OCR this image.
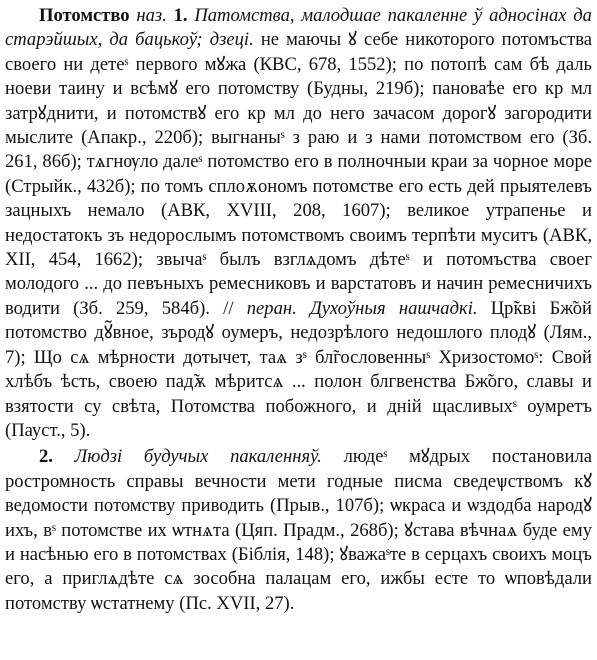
Потомство наз. 1. Патомства, малодшае пакаленне ў адносінах да старэйшых, да бацькоў; дзеці. не маючы ꙋ себе никоторого потомъства своего ни детеˢ первого мꙋжа (КВС, 678, 1552); по потопѣ сам бѣ даль ноеви таину и всѣмꙋ его потомству (Будны, 219б); пановаѣе его кр мл затрꙋднити, и потомствꙋ его кр мл до него зачасом дорогꙋ загородити мыслите (Апакр., 220б); выгнаныˢ з раю и з нами потомством его (Зб. 261, 86б); тѧгнѹло далеˢ потомство его в полночныи краи за чорное море (Стрыйк., 432б); по томъ сплоѫономъ потомстве его есть дей прыятелевъ зацныхъ немало (АВК, XVIII, 208, 1607); великое утрапенье и недостатокъ зъ недорослымъ потомствомъ своимъ терпѣти муситъ (АВК, XII, 454, 1662); звычаˢ былъ взглѧдомъ дѣтеˢ и потомъства своег молодого ... до певъныхъ ремесниковъ и варстатовъ и начин ремесничихъ водити (Зб. 259, 584б). // перан. Духоўныя нашчадкі. Цр̃кві Бж̃ой потомство дꙋ̃вное, зъродꙋ оумеръ, недозрѣлого недошлого плодꙋ (Лям., 7); Що сѧ мѣрности дотычет, таѧ зˢ бл̃гословенныˢ Хризостомоˢ: Свой хлѣбъ ѣсть, своею пад̃ѫ мѣритсѧ ... полон блгвенства Бж̃ого, славы и взятости су свѣта, Потомства побожного, и дній щасливыхˢ оумретъ (Пауст., 5).

2. Людзі будучых пакаленняў. людеˢ мꙋдрых постановила ростромность справы вечности мети годные писма сведеѱствомъ кꙋ ведомости потомству приводить (Прыв., 107б); ѡкраса и ѡздодба народꙋ ихъ, вˢ потомстве их ѡтнѧта (Цяп. Прадм., 268б); ꙋстава вѣчнаѧ буде ему и насѣнью его в потомствах (Біблія, 148); ꙋважаˢте в серцахъ своихъ моцъ его, а приглѧдѣте сѧ зособна палацам его, ижбы есте то ѡповѣдали потомству ѡстатнему (Пс. XVII, 27).
